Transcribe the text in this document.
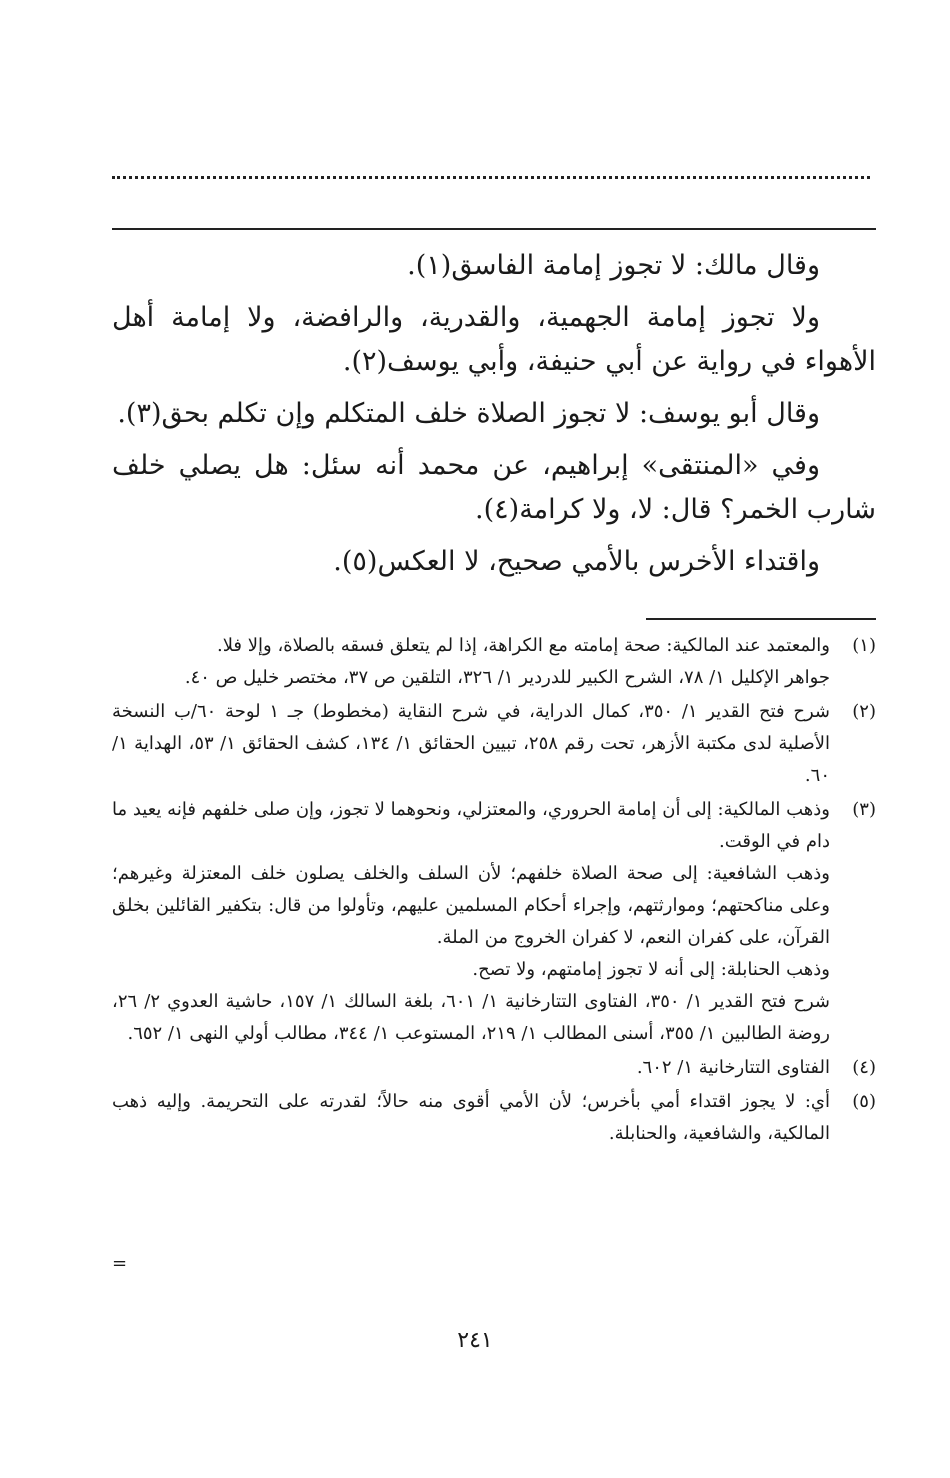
وقال مالك: لا تجوز إمامة الفاسق(١).

ولا تجوز إمامة الجهمية، والقدرية، والرافضة، ولا إمامة أهل الأهواء في رواية عن أبي حنيفة، وأبي يوسف(٢).

وقال أبو يوسف: لا تجوز الصلاة خلف المتكلم وإن تكلم بحق(٣).

وفي «المنتقى» إبراهيم، عن محمد أنه سئل: هل يصلي خلف شارب الخمر؟ قال: لا، ولا كرامة(٤).

واقتداء الأخرس بالأمي صحيح، لا العكس(٥).

(١)

والمعتمد عند المالكية: صحة إمامته مع الكراهة، إذا لم يتعلق فسقه بالصلاة، وإلا فلا.

جواهر الإكليل ١/ ٧٨، الشرح الكبير للدردير ١/ ٣٢٦، التلقين ص ٣٧، مختصر خليل ص ٤٠.

(٢)

شرح فتح القدير ١/ ٣٥٠، كمال الدراية، في شرح النقاية (مخطوط) جـ ١ لوحة ٦٠/ب النسخة الأصلية لدى مكتبة الأزهر، تحت رقم ٢٥٨، تبيين الحقائق ١/ ١٣٤، كشف الحقائق ١/ ٥٣، الهداية ١/ ٦٠.

(٣)

وذهب المالكية: إلى أن إمامة الحروري، والمعتزلي، ونحوهما لا تجوز، وإن صلى خلفهم فإنه يعيد ما دام في الوقت.

وذهب الشافعية: إلى صحة الصلاة خلفهم؛ لأن السلف والخلف يصلون خلف المعتزلة وغيرهم؛ وعلى مناكحتهم؛ وموارثتهم، وإجراء أحكام المسلمين عليهم، وتأولوا من قال: بتكفير القائلين بخلق القرآن، على كفران النعم، لا كفران الخروج من الملة.

وذهب الحنابلة: إلى أنه لا تجوز إمامتهم، ولا تصح.

شرح فتح القدير ١/ ٣٥٠، الفتاوى التتارخانية ١/ ٦٠١، بلغة السالك ١/ ١٥٧، حاشية العدوي ٢/ ٢٦، روضة الطالبين ١/ ٣٥٥، أسنى المطالب ١/ ٢١٩، المستوعب ١/ ٣٤٤، مطالب أولي النهى ١/ ٦٥٢.

(٤)

الفتاوى التتارخانية ١/ ٦٠٢.

(٥)

أي: لا يجوز اقتداء أمي بأخرس؛ لأن الأمي أقوى منه حالاً؛ لقدرته على التحريمة. وإليه ذهب المالكية، والشافعية، والحنابلة.

=
٢٤١
